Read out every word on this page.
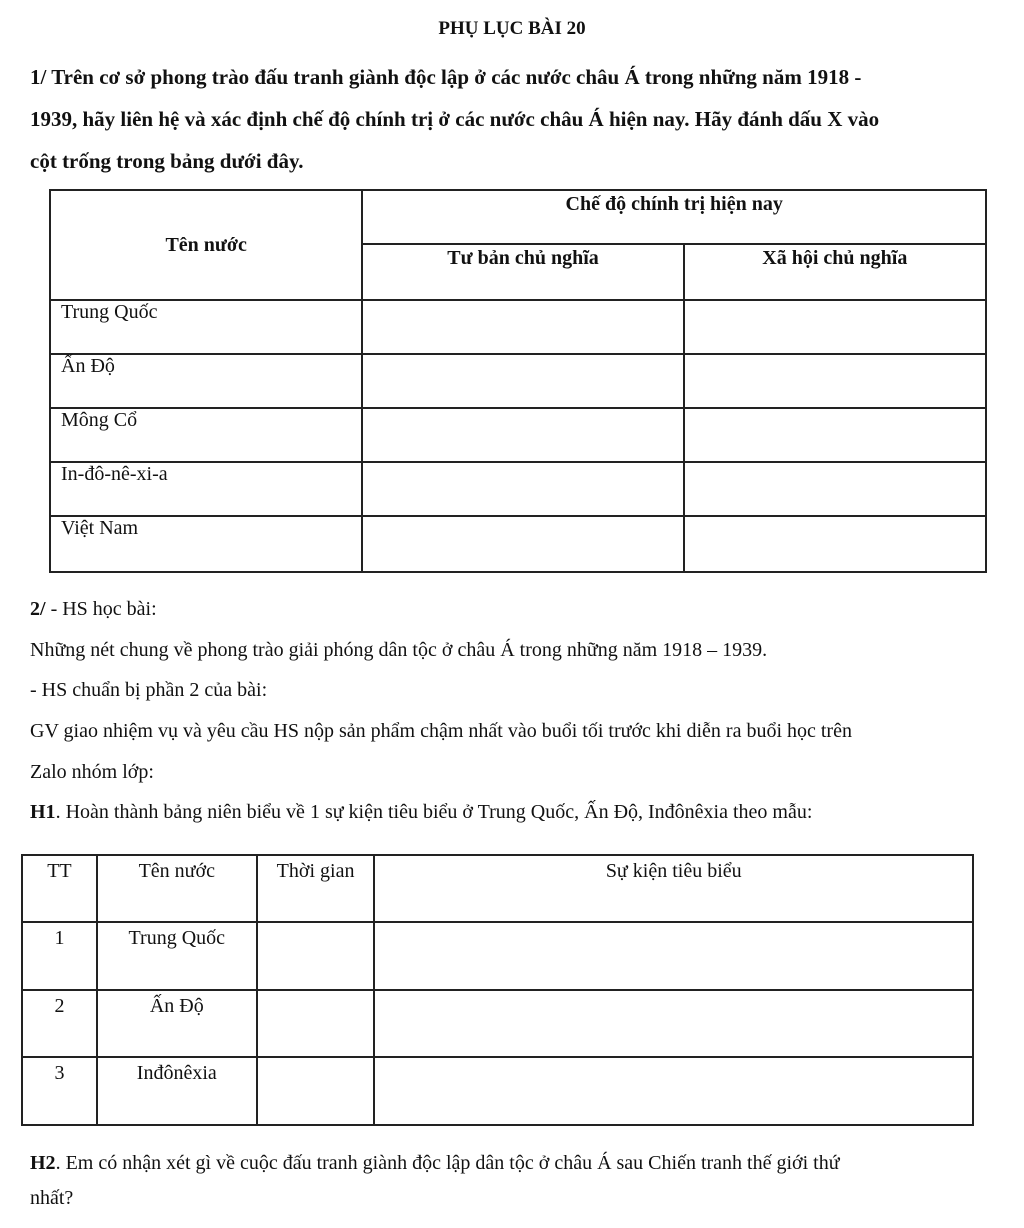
PHỤ LỤC BÀI 20
1/ Trên cơ sở phong trào đấu tranh giành độc lập ở các nước châu Á trong những năm 1918 -
1939, hãy liên hệ và xác định chế độ chính trị ở các nước châu Á hiện nay. Hãy đánh dấu X vào
cột trống trong bảng dưới đây.
Tên nước	Chế độ chính trị hiện nay	
	Tư bản chủ nghĩa	Xã hội chủ nghĩa
Trung Quốc		
Ấn Độ		
Mông Cổ		
In-đô-nê-xi-a		
Việt Nam		
2/ - HS học bài:
Những nét chung về phong trào giải phóng dân tộc ở châu Á trong những năm 1918 – 1939.
- HS chuẩn bị phần 2 của bài:
GV giao nhiệm vụ và yêu cầu HS nộp sản phẩm chậm nhất vào buổi tối trước khi diễn ra buổi học trên
Zalo nhóm lớp:
H1. Hoàn thành bảng niên biểu về 1 sự kiện tiêu biểu ở Trung Quốc, Ấn Độ, Inđônêxia theo mẫu:
TT	Tên nước	Thời gian	Sự kiện tiêu biểu
1	Trung Quốc		
2	Ấn Độ		
3	Inđônêxia		
H2. Em có nhận xét gì về cuộc đấu tranh giành độc lập dân tộc ở châu Á sau Chiến tranh thế giới thứ
nhất?
